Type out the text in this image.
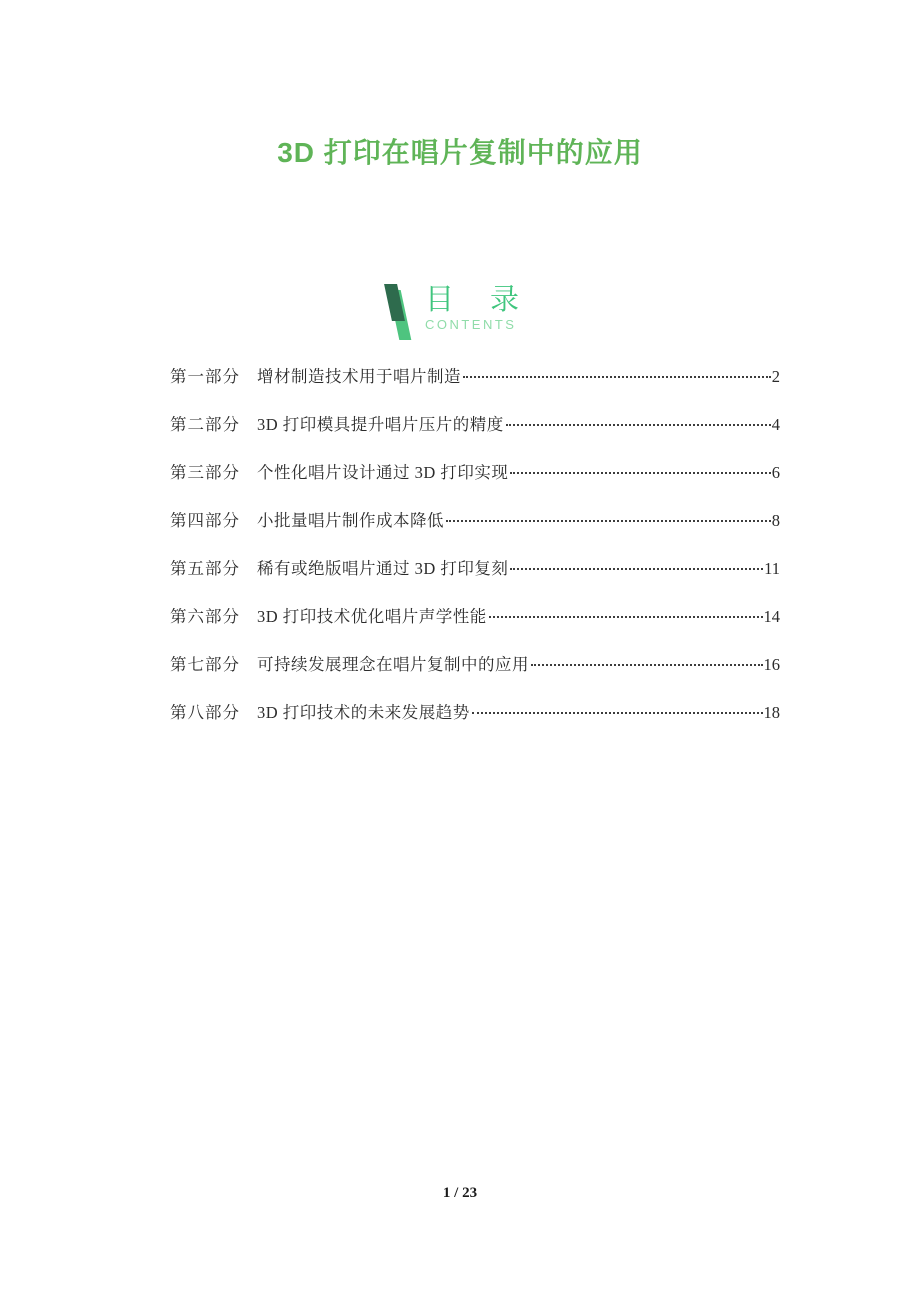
3D 打印在唱片复制中的应用
目 录
CONTENTS
第一部分 增材制造技术用于唱片制造	2
第二部分 3D 打印模具提升唱片压片的精度	4
第三部分 个性化唱片设计通过 3D 打印实现	6
第四部分 小批量唱片制作成本降低	8
第五部分 稀有或绝版唱片通过 3D 打印复刻	11
第六部分 3D 打印技术优化唱片声学性能	14
第七部分 可持续发展理念在唱片复制中的应用	16
第八部分 3D 打印技术的未来发展趋势	18
1 / 23
